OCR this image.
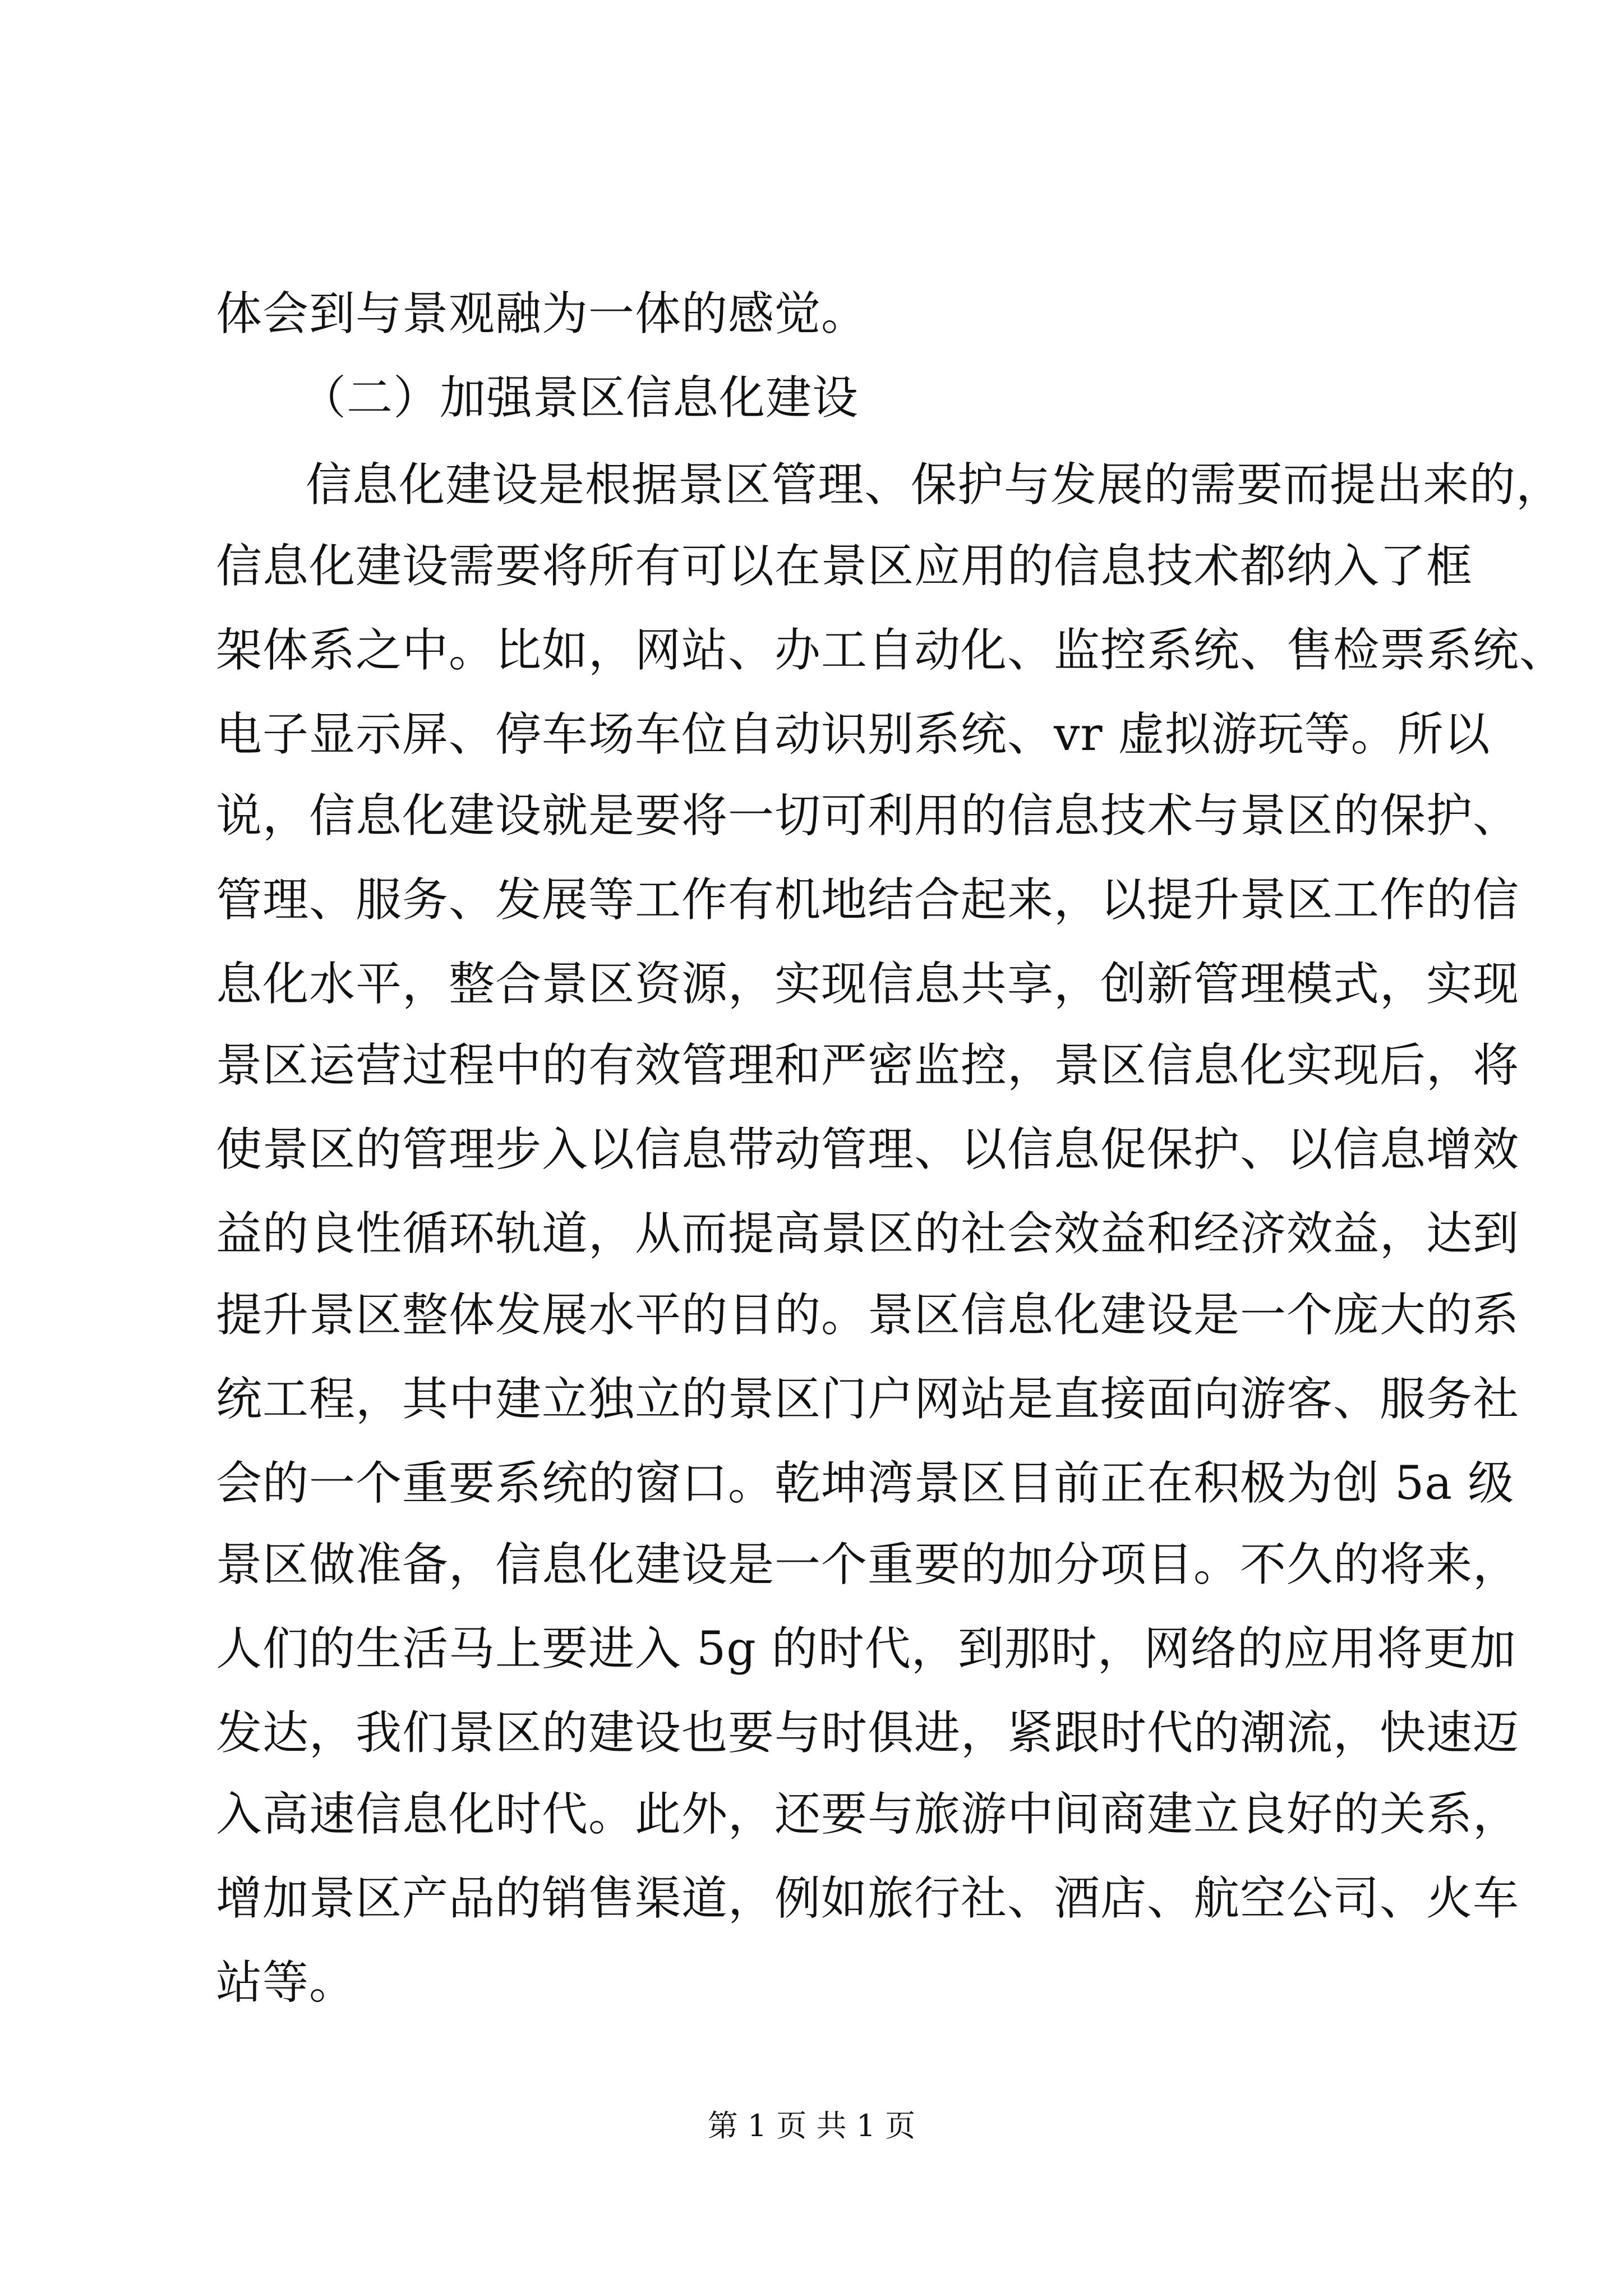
体会到与景观融为一体的感觉。
（二）加强景区信息化建设
信息化建设是根据景区管理、保护与发展的需要而提出来的，
信息化建设需要将所有可以在景区应用的信息技术都纳入了框
架体系之中。比如，网站、办工自动化、监控系统、售检票系统、
电子显示屏、停车场车位自动识别系统、vr 虚拟游玩等。所以
说，信息化建设就是要将一切可利用的信息技术与景区的保护、
管理、服务、发展等工作有机地结合起来，以提升景区工作的信
息化水平，整合景区资源，实现信息共享，创新管理模式，实现
景区运营过程中的有效管理和严密监控，景区信息化实现后，将
使景区的管理步入以信息带动管理、以信息促保护、以信息增效
益的良性循环轨道，从而提高景区的社会效益和经济效益，达到
提升景区整体发展水平的目的。景区信息化建设是一个庞大的系
统工程，其中建立独立的景区门户网站是直接面向游客、服务社
会的一个重要系统的窗口。乾坤湾景区目前正在积极为创 5a 级
景区做准备，信息化建设是一个重要的加分项目。不久的将来，
人们的生活马上要进入 5g 的时代，到那时，网络的应用将更加
发达，我们景区的建设也要与时俱进，紧跟时代的潮流，快速迈
入高速信息化时代。此外，还要与旅游中间商建立良好的关系，
增加景区产品的销售渠道，例如旅行社、酒店、航空公司、火车
站等。
第 1 页 共 1 页
